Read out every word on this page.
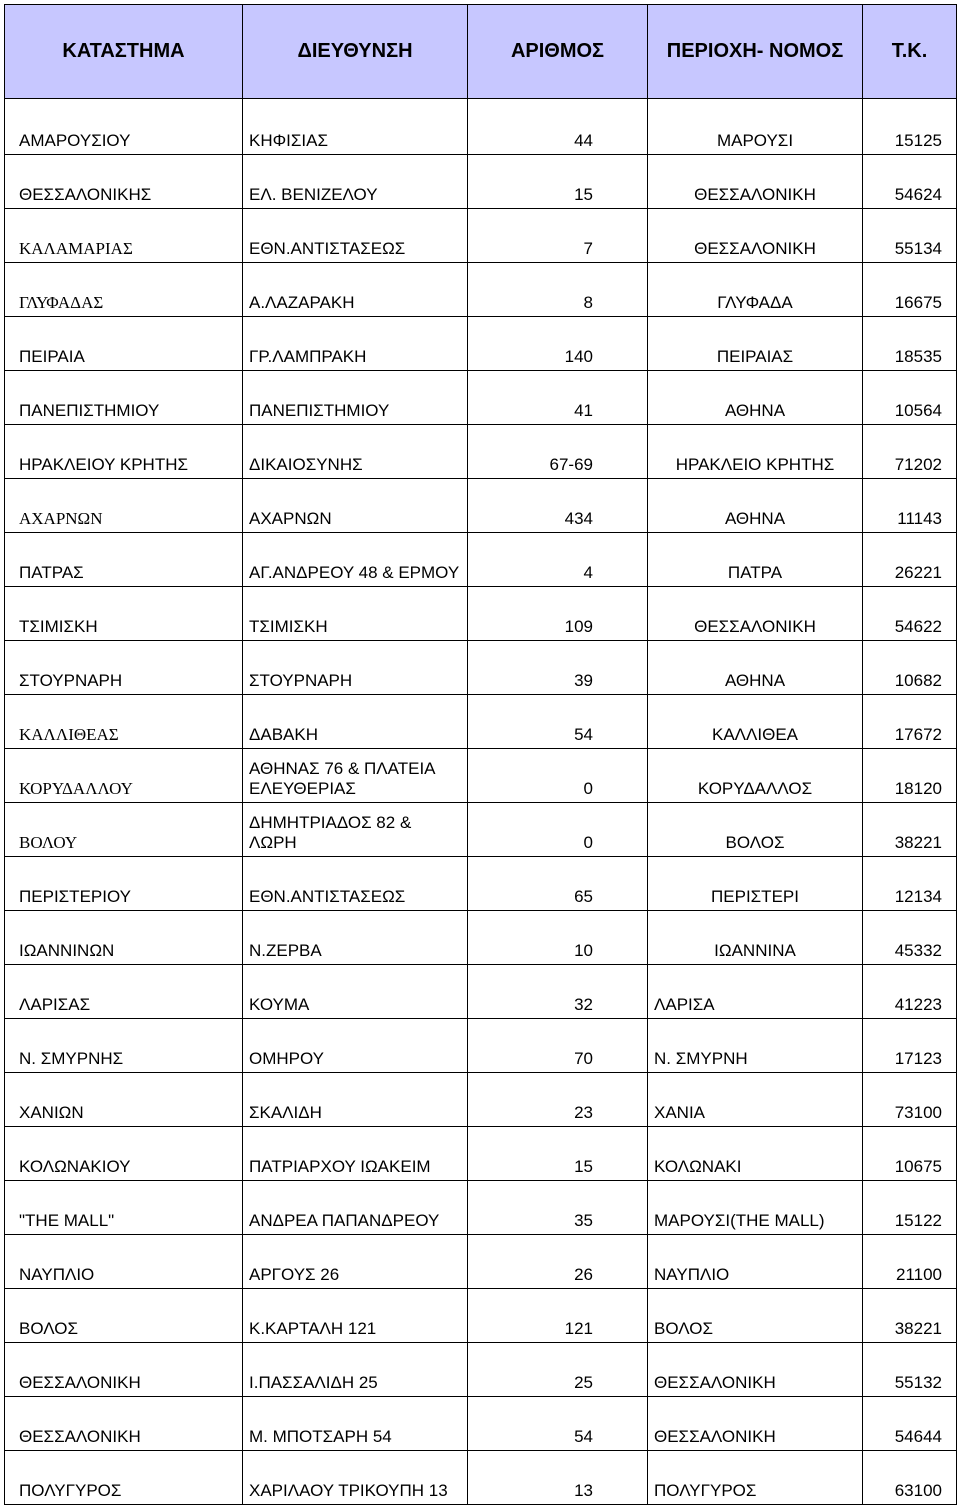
ΚΑΤΑΣΤΗΜΑ	ΔΙΕΥΘΥΝΣΗ	ΑΡΙΘΜΟΣ	ΠΕΡΙΟΧΗ- ΝΟΜΟΣ	Τ.Κ.
ΑΜΑΡΟΥΣΙΟΥ	ΚΗΦΙΣΙΑΣ	44	ΜΑΡΟΥΣΙ	15125
ΘΕΣΣΑΛΟΝΙΚΗΣ	ΕΛ. ΒΕΝΙΖΕΛΟΥ	15	ΘΕΣΣΑΛΟΝΙΚΗ	54624
ΚΑΛΑΜΑΡΙΑΣ	ΕΘΝ.ΑΝΤΙΣΤΑΣΕΩΣ	7	ΘΕΣΣΑΛΟΝΙΚΗ	55134
ΓΛΥΦΑΔΑΣ	Α.ΛΑΖΑΡΑΚΗ	8	ΓΛΥΦΑΔΑ	16675
ΠΕΙΡΑΙΑ	ΓΡ.ΛΑΜΠΡΑΚΗ	140	ΠΕΙΡΑΙΑΣ	18535
ΠΑΝΕΠΙΣΤΗΜΙΟΥ	ΠΑΝΕΠΙΣΤΗΜΙΟΥ	41	ΑΘΗΝΑ	10564
ΗΡΑΚΛΕΙΟΥ ΚΡΗΤΗΣ	ΔΙΚΑΙΟΣΥΝΗΣ	67-69	ΗΡΑΚΛΕΙΟ ΚΡΗΤΗΣ	71202
ΑΧΑΡΝΩΝ	ΑΧΑΡΝΩΝ	434	ΑΘΗΝΑ	11143
ΠΑΤΡΑΣ	ΑΓ.ΑΝΔΡΕΟΥ 48 & ΕΡΜΟΥ	4	ΠΑΤΡΑ	26221
ΤΣΙΜΙΣΚΗ	ΤΣΙΜΙΣΚΗ	109	ΘΕΣΣΑΛΟΝΙΚΗ	54622
ΣΤΟΥΡΝΑΡΗ	ΣΤΟΥΡΝΑΡΗ	39	ΑΘΗΝΑ	10682
ΚΑΛΛΙΘΕΑΣ	ΔΑΒΑΚΗ	54	ΚΑΛΛΙΘΕΑ	17672
ΚΟΡΥΔΑΛΛΟΥ	ΑΘΗΝΑΣ 76 & ΠΛΑΤΕΙΑ ΕΛΕΥΘΕΡΙΑΣ	0	ΚΟΡΥΔΑΛΛΟΣ	18120
ΒΟΛΟΥ	ΔΗΜΗΤΡΙΑΔΟΣ 82 & ΛΩΡΗ	0	ΒΟΛΟΣ	38221
ΠΕΡΙΣΤΕΡΙΟΥ	ΕΘΝ.ΑΝΤΙΣΤΑΣΕΩΣ	65	ΠΕΡΙΣΤΕΡΙ	12134
ΙΩΑΝΝΙΝΩΝ	Ν.ΖΕΡΒΑ	10	ΙΩΑΝΝΙΝΑ	45332
ΛΑΡΙΣΑΣ	ΚΟΥΜΑ	32	ΛΑΡΙΣΑ	41223
Ν. ΣΜΥΡΝΗΣ	ΟΜΗΡΟΥ	70	Ν. ΣΜΥΡΝΗ	17123
ΧΑΝΙΩΝ	ΣΚΑΛΙΔΗ	23	ΧΑΝΙΑ	73100
ΚΟΛΩΝΑΚΙΟΥ	ΠΑΤΡΙΑΡΧΟΥ ΙΩΑΚΕΙΜ	15	ΚΟΛΩΝΑΚΙ	10675
"THE MALL"	ΑΝΔΡΕΑ ΠΑΠΑΝΔΡΕΟΥ	35	ΜΑΡΟΥΣΙ(THE MALL)	15122
ΝΑΥΠΛΙΟ	ΑΡΓΟΥΣ 26	26	ΝΑΥΠΛΙΟ	21100
ΒΟΛΟΣ	Κ.ΚΑΡΤΑΛΗ 121	121	ΒΟΛΟΣ	38221
ΘΕΣΣΑΛΟΝΙΚΗ	Ι.ΠΑΣΣΑΛΙΔΗ 25	25	ΘΕΣΣΑΛΟΝΙΚΗ	55132
ΘΕΣΣΑΛΟΝΙΚΗ	Μ. ΜΠΟΤΣΑΡΗ 54	54	ΘΕΣΣΑΛΟΝΙΚΗ	54644
ΠΟΛΥΓΥΡΟΣ	ΧΑΡΙΛΑΟΥ ΤΡΙΚΟΥΠΗ 13	13	ΠΟΛΥΓΥΡΟΣ	63100
